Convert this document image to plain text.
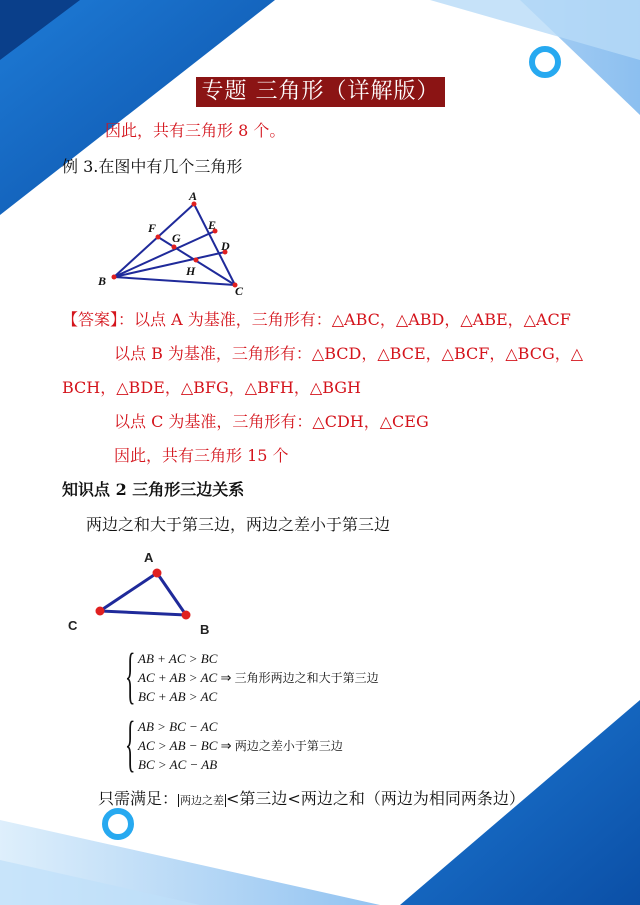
专题 三角形（详解版）
因此，共有三角形 8 个。
例 3.在图中有几个三角形
A
B
C
D
E
F
G
H
【答案】：以点 A 为基准，三角形有：△ABC，△ABD，△ABE，△ACF
以点 B 为基准，三角形有：△BCD，△BCE，△BCF，△BCG，△
BCH，△BDE，△BFG，△BFH，△BGH
以点 C 为基准，三角形有：△CDH，△CEG
因此，共有三角形 15 个
知识点 2 三角形三边关系
两边之和大于第三边，两边之差小于第三边
A
C	B
{ AB + AC > BC
AC + AB > AC ⇒ 三角形两边之和大于第三边
BC + AB > AC
{ AB > BC − AC
AC > AB − BC ⇒ 两边之差小于第三边
BC > AC − AB
只需满足： 两边之差 <第三边<两边之和（两边为相同两条边）
